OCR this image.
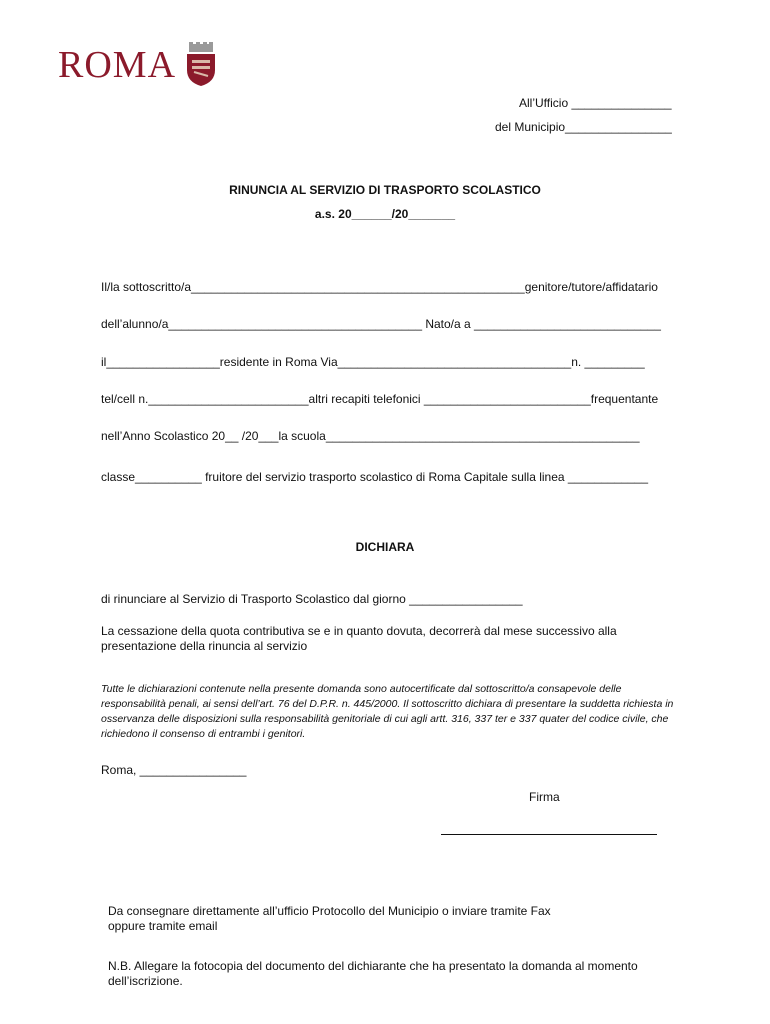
ROMA
All’Ufficio _______________
del Municipio________________
RINUNCIA AL SERVIZIO DI TRASPORTO SCOLASTICO
a.s. 20______/20_______
Il/la sottoscritto/a__________________________________________________genitore/tutore/affidatario
dell’alunno/a______________________________________ Nato/a a ____________________________
il_________________residente in Roma Via___________________________________n. _________
tel/cell n.________________________altri recapiti telefonici _________________________frequentante
nell’Anno Scolastico 20__ /20___la scuola_______________________________________________
classe__________ fruitore del servizio trasporto scolastico di Roma Capitale sulla linea ____________
DICHIARA
di rinunciare al Servizio di Trasporto Scolastico dal giorno _________________
La cessazione della quota contributiva se e in quanto dovuta, decorrerà dal mese successivo alla presentazione della rinuncia al servizio
Tutte le dichiarazioni contenute nella presente domanda sono autocertificate dal sottoscritto/a consapevole delle responsabilità penali, ai sensi dell’art. 76 del D.P.R. n. 445/2000. Il sottoscritto dichiara di presentare la suddetta richiesta in osservanza delle disposizioni sulla responsabilità genitoriale di cui agli artt. 316, 337 ter e 337 quater del codice civile, che richiedono il consenso di entrambi i genitori.
Roma, ________________
Firma
Da consegnare direttamente all’ufficio Protocollo del Municipio o inviare tramite Fax oppure tramite email
N.B. Allegare la fotocopia del documento del dichiarante che ha presentato la domanda al momento dell’iscrizione.
